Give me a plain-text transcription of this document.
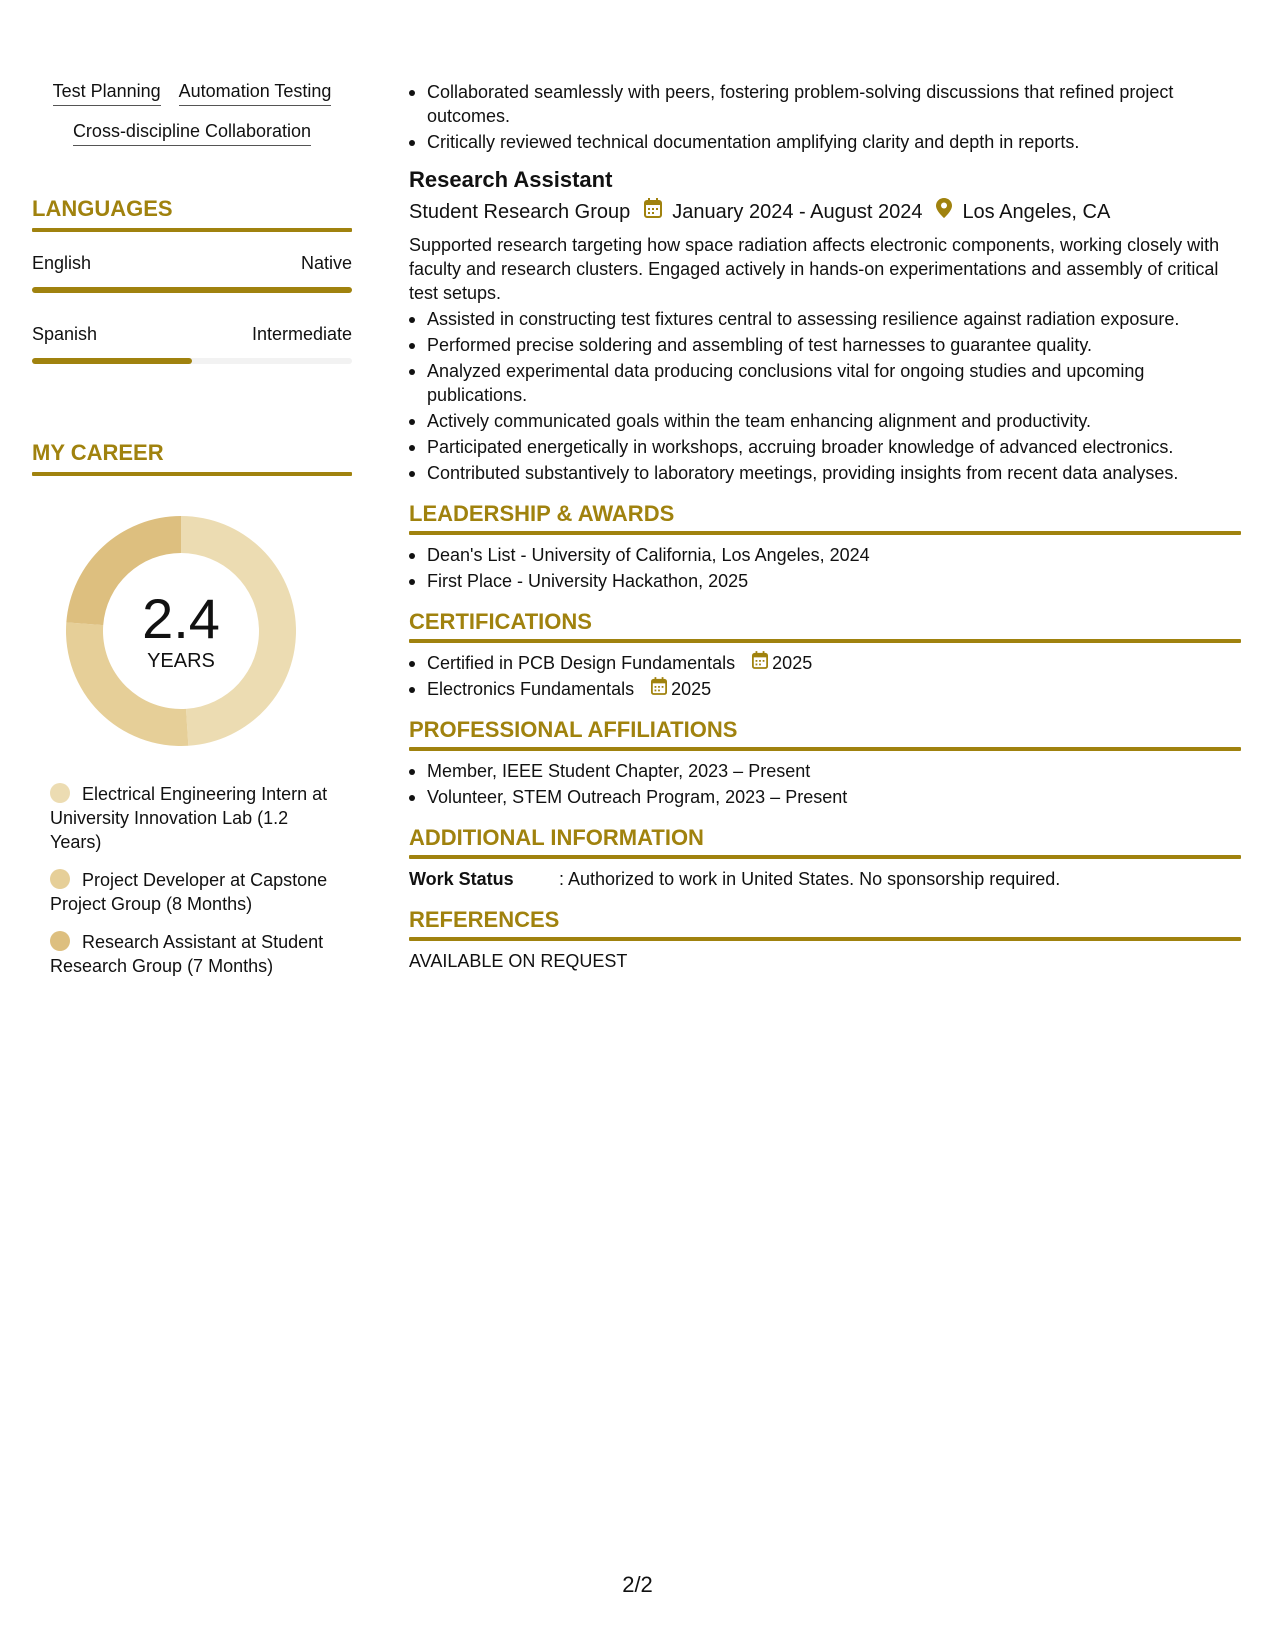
Test Planning Automation Testing
Cross-discipline Collaboration
LANGUAGES
English	Native
Spanish	Intermediate
MY CAREER
2.4
YEARS
Electrical Engineering Intern at University Innovation Lab (1.2 Years)
Project Developer at Capstone Project Group (8 Months)
Research Assistant at Student Research Group (7 Months)
Collaborated seamlessly with peers, fostering problem-solving discussions that refined project outcomes.
Critically reviewed technical documentation amplifying clarity and depth in reports.
Research Assistant
Student Research Group January 2024 - August 2024 Los Angeles, CA
Supported research targeting how space radiation affects electronic components, working closely with faculty and research clusters. Engaged actively in hands-on experimentations and assembly of critical test setups.
Assisted in constructing test fixtures central to assessing resilience against radiation exposure.
Performed precise soldering and assembling of test harnesses to guarantee quality.
Analyzed experimental data producing conclusions vital for ongoing studies and upcoming publications.
Actively communicated goals within the team enhancing alignment and productivity.
Participated energetically in workshops, accruing broader knowledge of advanced electronics.
Contributed substantively to laboratory meetings, providing insights from recent data analyses.
LEADERSHIP & AWARDS
Dean's List - University of California, Los Angeles, 2024
First Place - University Hackathon, 2025
CERTIFICATIONS
Certified in PCB Design Fundamentals 2025
Electronics Fundamentals 2025
PROFESSIONAL AFFILIATIONS
Member, IEEE Student Chapter, 2023 – Present
Volunteer, STEM Outreach Program, 2023 – Present
ADDITIONAL INFORMATION
Work Status	: Authorized to work in United States. No sponsorship required.
REFERENCES
AVAILABLE ON REQUEST
2/2
